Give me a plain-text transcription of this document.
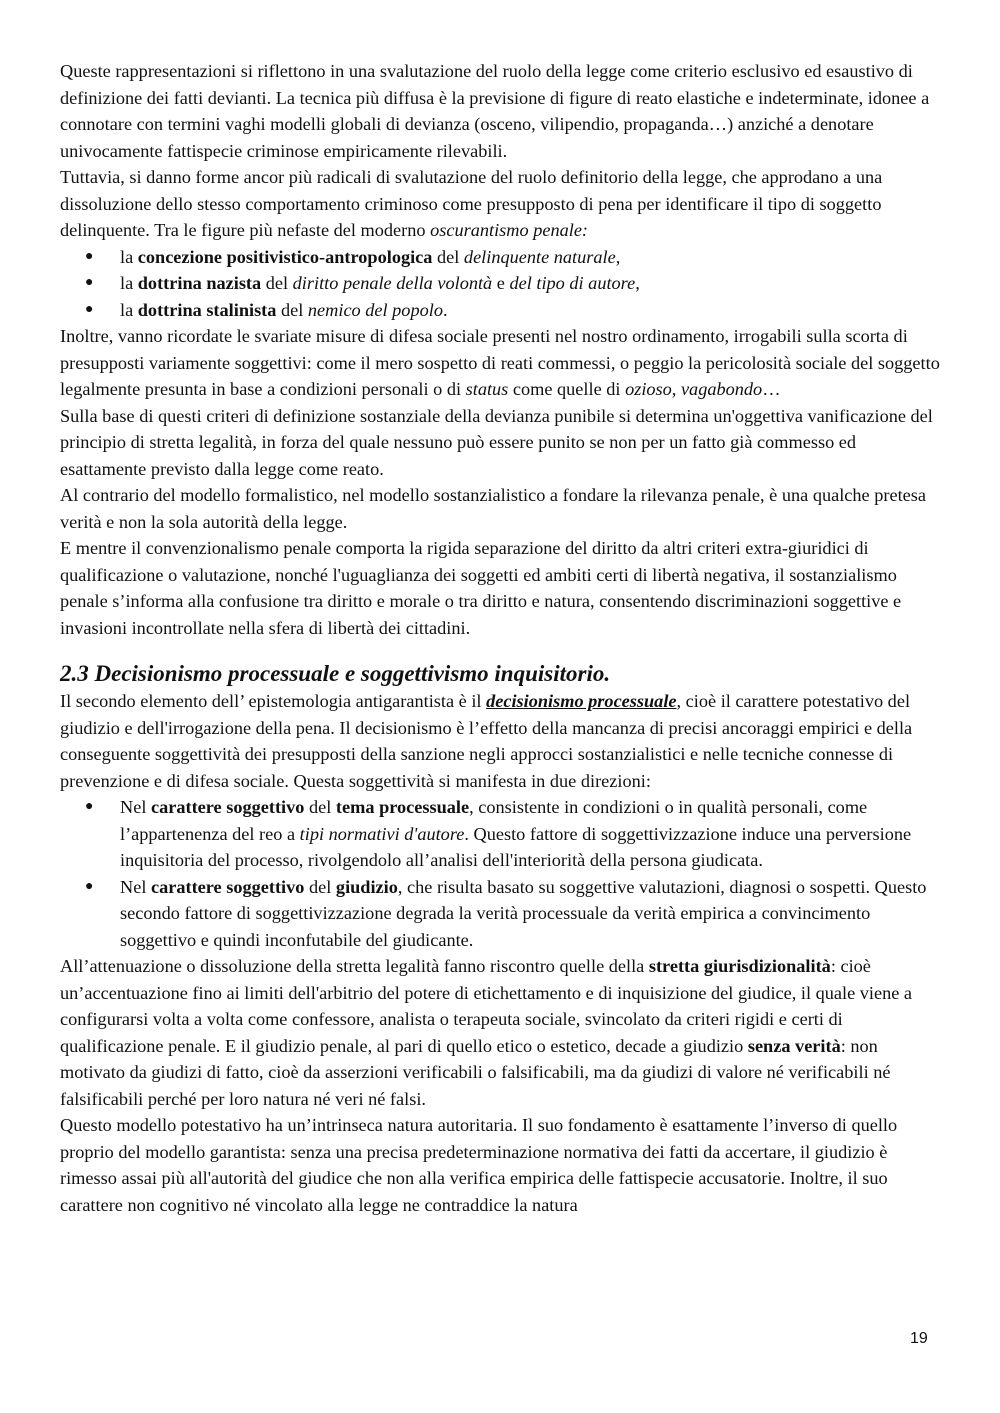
Queste rappresentazioni si riflettono in una svalutazione del ruolo della legge come criterio esclusivo ed esaustivo di definizione dei fatti devianti. La tecnica più diffusa è la previsione di figure di reato elastiche e indeterminate, idonee a connotare con termini vaghi modelli globali di devianza (osceno, vilipendio, propaganda…) anziché a denotare univocamente fattispecie criminose empiricamente rilevabili.

Tuttavia, si danno forme ancor più radicali di svalutazione del ruolo definitorio della legge, che approdano a una dissoluzione dello stesso comportamento criminoso come presupposto di pena per identificare il tipo di soggetto delinquente. Tra le figure più nefaste del moderno oscurantismo penale:

● la concezione positivistico-antropologica del delinquente naturale,
● la dottrina nazista del diritto penale della volontà e del tipo di autore,
● la dottrina stalinista del nemico del popolo.

Inoltre, vanno ricordate le svariate misure di difesa sociale presenti nel nostro ordinamento, irrogabili sulla scorta di presupposti variamente soggettivi: come il mero sospetto di reati commessi, o peggio la pericolosità sociale del soggetto legalmente presunta in base a condizioni personali o di status come quelle di ozioso, vagabondo…

Sulla base di questi criteri di definizione sostanziale della devianza punibile si determina un'oggettiva vanificazione del principio di stretta legalità, in forza del quale nessuno può essere punito se non per un fatto già commesso ed esattamente previsto dalla legge come reato.

Al contrario del modello formalistico, nel modello sostanzialistico a fondare la rilevanza penale, è una qualche pretesa verità e non la sola autorità della legge.

E mentre il convenzionalismo penale comporta la rigida separazione del diritto da altri criteri extra-giuridici di qualificazione o valutazione, nonché l'uguaglianza dei soggetti ed ambiti certi di libertà negativa, il sostanzialismo penale s’informa alla confusione tra diritto e morale o tra diritto e natura, consentendo discriminazioni soggettive e invasioni incontrollate nella sfera di libertà dei cittadini.

2.3 Decisionismo processuale e soggettivismo inquisitorio.

Il secondo elemento dell’ epistemologia antigarantista è il decisionismo processuale, cioè il carattere potestativo del giudizio e dell'irrogazione della pena. Il decisionismo è l’effetto della mancanza di precisi ancoraggi empirici e della conseguente soggettività dei presupposti della sanzione negli approcci sostanzialistici e nelle tecniche connesse di prevenzione e di difesa sociale. Questa soggettività si manifesta in due direzioni:

● Nel carattere soggettivo del tema processuale, consistente in condizioni o in qualità personali, come l’appartenenza del reo a tipi normativi d'autore. Questo fattore di soggettivizzazione induce una perversione inquisitoria del processo, rivolgendolo all’analisi dell'interiorità della persona giudicata.
● Nel carattere soggettivo del giudizio, che risulta basato su soggettive valutazioni, diagnosi o sospetti. Questo secondo fattore di soggettivizzazione degrada la verità processuale da verità empirica a convincimento soggettivo e quindi inconfutabile del giudicante.

All’attenuazione o dissoluzione della stretta legalità fanno riscontro quelle della stretta giurisdizionalità: cioè un’accentuazione fino ai limiti dell'arbitrio del potere di etichettamento e di inquisizione del giudice, il quale viene a configurarsi volta a volta come confessore, analista o terapeuta sociale, svincolato da criteri rigidi e certi di qualificazione penale. E il giudizio penale, al pari di quello etico o estetico, decade a giudizio senza verità: non motivato da giudizi di fatto, cioè da asserzioni verificabili o falsificabili, ma da giudizi di valore né verificabili né falsificabili perché per loro natura né veri né falsi.

Questo modello potestativo ha un’intrinseca natura autoritaria. Il suo fondamento è esattamente l’inverso di quello proprio del modello garantista: senza una precisa predeterminazione normativa dei fatti da accertare, il giudizio è rimesso assai più all'autorità del giudice che non alla verifica empirica delle fattispecie accusatorie. Inoltre, il suo carattere non cognitivo né vincolato alla legge ne contraddice la natura

19
